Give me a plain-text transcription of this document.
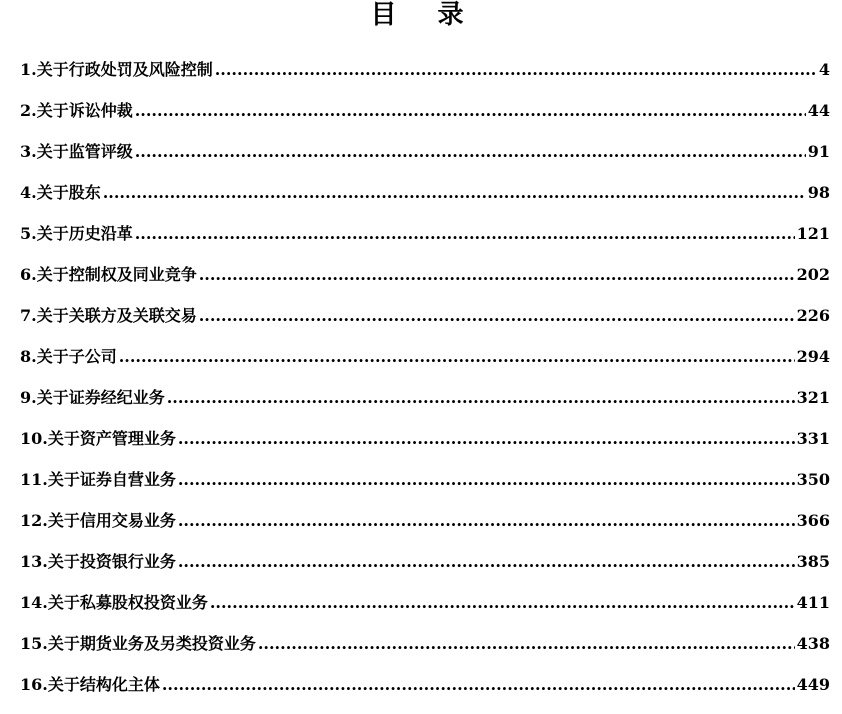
目 录
1.关于行政处罚及风险控制 .....	4
2.关于诉讼仲裁 .....	44
3.关于监管评级 .....	91
4.关于股东 .....	98
5.关于历史沿革 .....	121
6.关于控制权及同业竞争 .....	202
7.关于关联方及关联交易 .....	226
8.关于子公司 .....	294
9.关于证券经纪业务 .....	321
10.关于资产管理业务 .....	331
11.关于证券自营业务 .....	350
12.关于信用交易业务 .....	366
13.关于投资银行业务 .....	385
14.关于私募股权投资业务 .....	411
15.关于期货业务及另类投资业务 .....	438
16.关于结构化主体 .....	449
